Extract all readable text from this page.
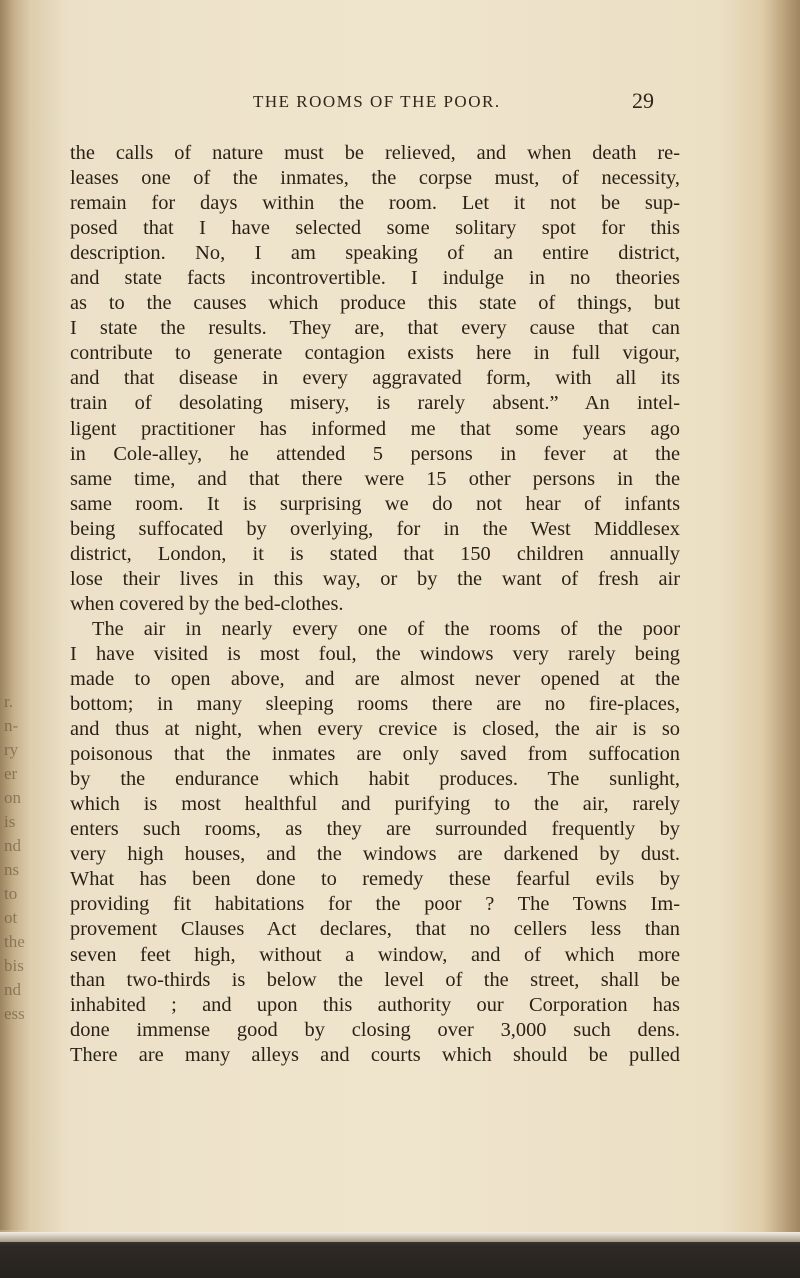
r.
n-
ry
er
on
is
nd
ns
to
ot
the
bis
nd
ess
THE ROOMS OF THE POOR.	29
the calls of nature must be relieved, and when death re-
leases one of the inmates, the corpse must, of necessity,
remain for days within the room. Let it not be sup-
posed that I have selected some solitary spot for this
description. No, I am speaking of an entire district,
and state facts incontrovertible. I indulge in no theories
as to the causes which produce this state of things, but
I state the results. They are, that every cause that can
contribute to generate contagion exists here in full vigour,
and that disease in every aggravated form, with all its
train of desolating misery, is rarely absent.” An intel-
ligent practitioner has informed me that some years ago
in Cole-alley, he attended 5 persons in fever at the
same time, and that there were 15 other persons in the
same room. It is surprising we do not hear of infants
being suffocated by overlying, for in the West Middlesex
district, London, it is stated that 150 children annually
lose their lives in this way, or by the want of fresh air
when covered by the bed-clothes.
The air in nearly every one of the rooms of the poor
I have visited is most foul, the windows very rarely being
made to open above, and are almost never opened at the
bottom; in many sleeping rooms there are no fire-places,
and thus at night, when every crevice is closed, the air is so
poisonous that the inmates are only saved from suffocation
by the endurance which habit produces. The sunlight,
which is most healthful and purifying to the air, rarely
enters such rooms, as they are surrounded frequently by
very high houses, and the windows are darkened by dust.
What has been done to remedy these fearful evils by
providing fit habitations for the poor ? The Towns Im-
provement Clauses Act declares, that no cellers less than
seven feet high, without a window, and of which more
than two-thirds is below the level of the street, shall be
inhabited ; and upon this authority our Corporation has
done immense good by closing over 3,000 such dens.
There are many alleys and courts which should be pulled
